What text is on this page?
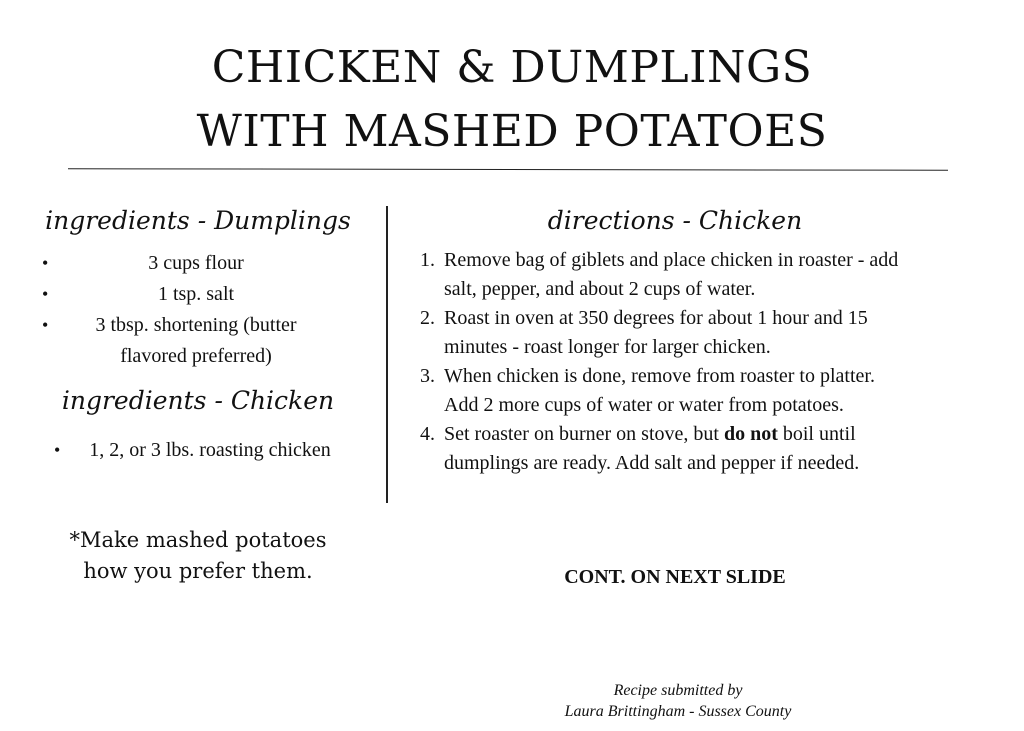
CHICKEN & DUMPLINGS
WITH MASHED POTATOES
ingredients - Dumplings
•	3 cups flour
•	1 tsp. salt
• 3 tbsp. shortening (butter
flavored preferred)
ingredients - Chicken
• 1, 2, or 3 lbs. roasting chicken
*Make mashed potatoes
how you prefer them.
directions - Chicken
1. Remove bag of giblets and place chicken in roaster - add
salt, pepper, and about 2 cups of water.
2. Roast in oven at 350 degrees for about 1 hour and 15
minutes - roast longer for larger chicken.
3. When chicken is done, remove from roaster to platter.
Add 2 more cups of water or water from potatoes.
4. Set roaster on burner on stove, but do not boil until
dumplings are ready. Add salt and pepper if needed.
CONT. ON NEXT SLIDE
Recipe submitted by
Laura Brittingham - Sussex County
